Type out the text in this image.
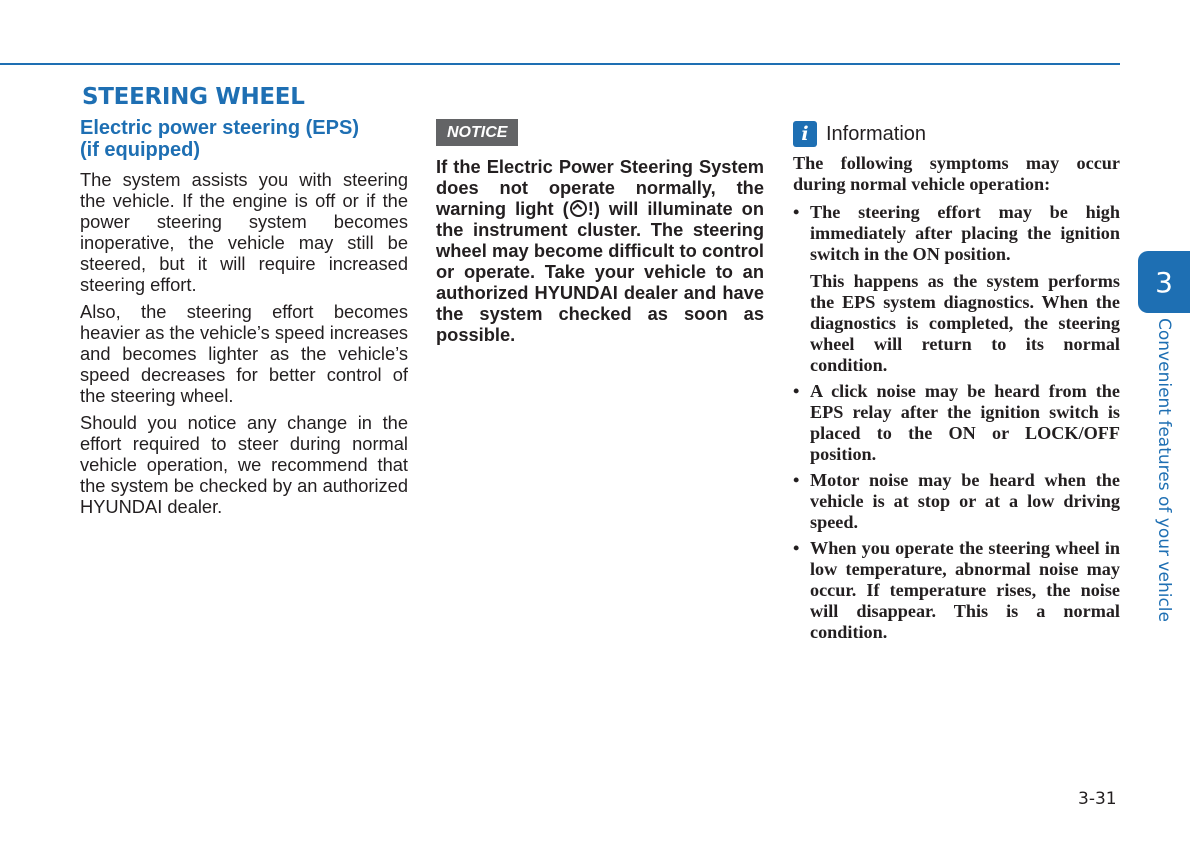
STEERING WHEEL
Electric power steering (EPS)
(if equipped)

The system assists you with steering the vehicle. If the engine is off or if the power steering system becomes inoperative, the vehicle may still be steered, but it will require increased steering effort.

Also, the steering effort becomes heavier as the vehicle’s speed increases and becomes lighter as the vehicle’s speed decreases for better control of the steering wheel.

Should you notice any change in the effort required to steer during normal vehicle operation, we recommend that the system be checked by an authorized HYUNDAI dealer.

NOTICE

If the Electric Power Steering System does not operate normally, the warning light ( !) will illuminate on the instrument cluster. The steering wheel may become difficult to control or operate. Take your vehicle to an authorized HYUNDAI dealer and have the system checked as soon as possible.

i Information

The following symptoms may occur during normal vehicle operation:

• The steering effort may be high immediately after placing the ignition switch in the ON position.
This happens as the system performs the EPS system diagnostics. When the diagnostics is completed, the steering wheel will return to its normal condition.
• A click noise may be heard from the EPS relay after the ignition switch is placed to the ON or LOCK/OFF position.
• Motor noise may be heard when the vehicle is at stop or at a low driving speed.
• When you operate the steering wheel in low temperature, abnormal noise may occur. If temperature rises, the noise will disappear. This is a normal condition.
3
Convenient features of your vehicle
3-31
